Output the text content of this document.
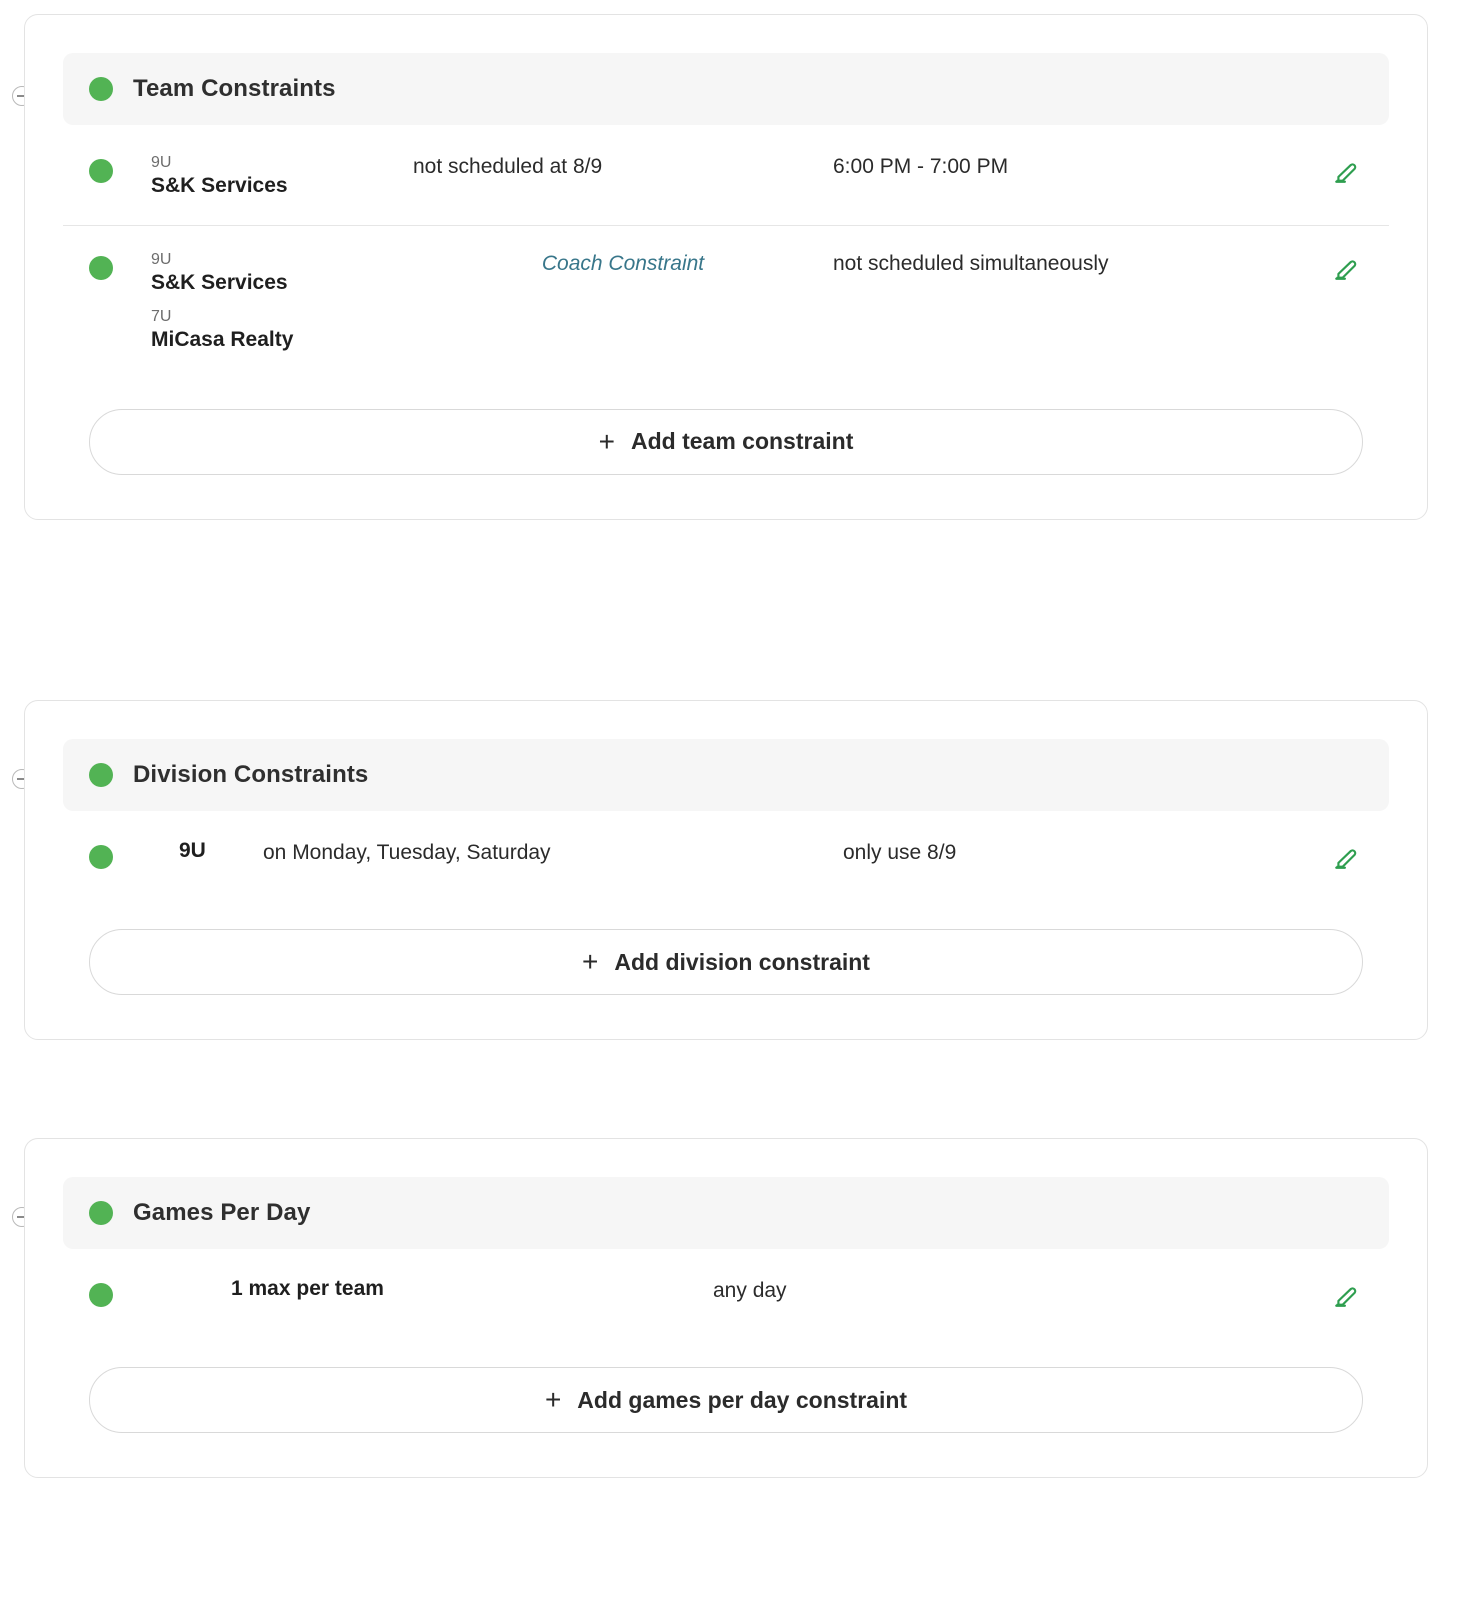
Team Constraints
9U
S&K Services
not scheduled at 8/9	6:00 PM - 7:00 PM
9U
S&K Services
7U
MiCasa Realty
Coach Constraint	not scheduled simultaneously
+ Add team constraint
Division Constraints
9U	on Monday, Tuesday, Saturday	only use 8/9
+ Add division constraint
Games Per Day
1 max per team	any day
+ Add games per day constraint
